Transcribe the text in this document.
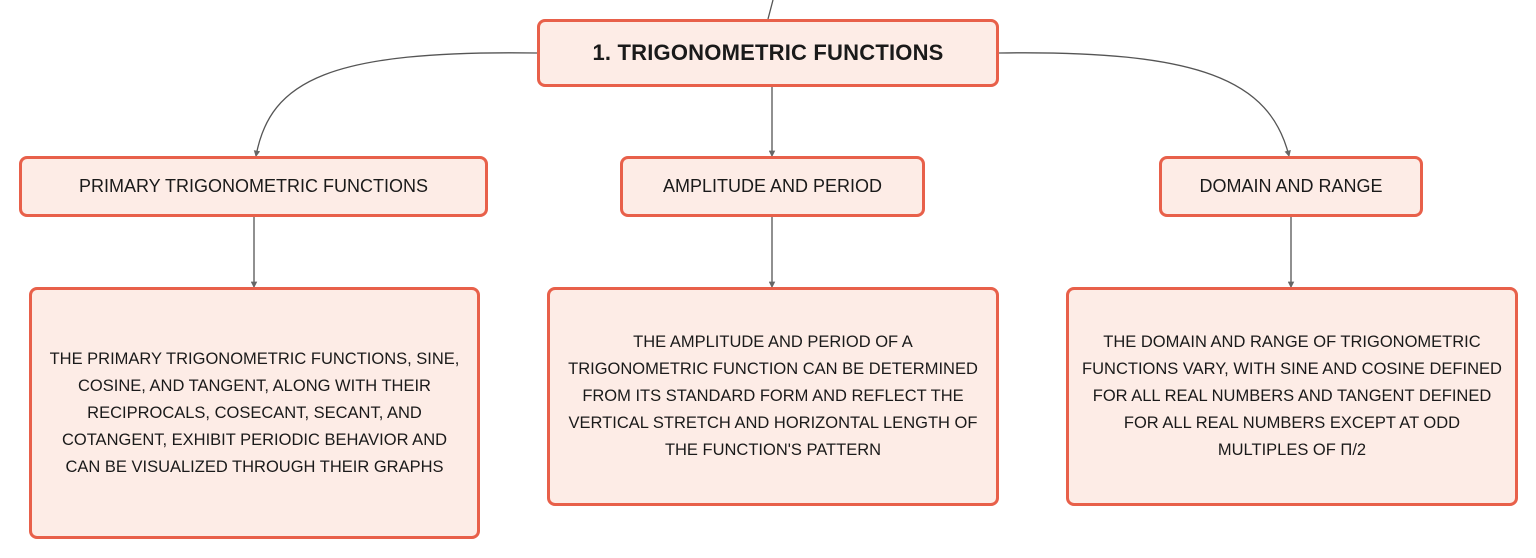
1. TRIGONOMETRIC FUNCTIONS
PRIMARY TRIGONOMETRIC FUNCTIONS	AMPLITUDE AND PERIOD	DOMAIN AND RANGE
THE PRIMARY TRIGONOMETRIC FUNCTIONS, SINE, COSINE, AND TANGENT, ALONG WITH THEIR RECIPROCALS, COSECANT, SECANT, AND COTANGENT, EXHIBIT PERIODIC BEHAVIOR AND CAN BE VISUALIZED THROUGH THEIR GRAPHS
THE AMPLITUDE AND PERIOD OF A TRIGONOMETRIC FUNCTION CAN BE DETERMINED FROM ITS STANDARD FORM AND REFLECT THE VERTICAL STRETCH AND HORIZONTAL LENGTH OF THE FUNCTION'S PATTERN
THE DOMAIN AND RANGE OF TRIGONOMETRIC FUNCTIONS VARY, WITH SINE AND COSINE DEFINED FOR ALL REAL NUMBERS AND TANGENT DEFINED FOR ALL REAL NUMBERS EXCEPT AT ODD MULTIPLES OF Π/2
